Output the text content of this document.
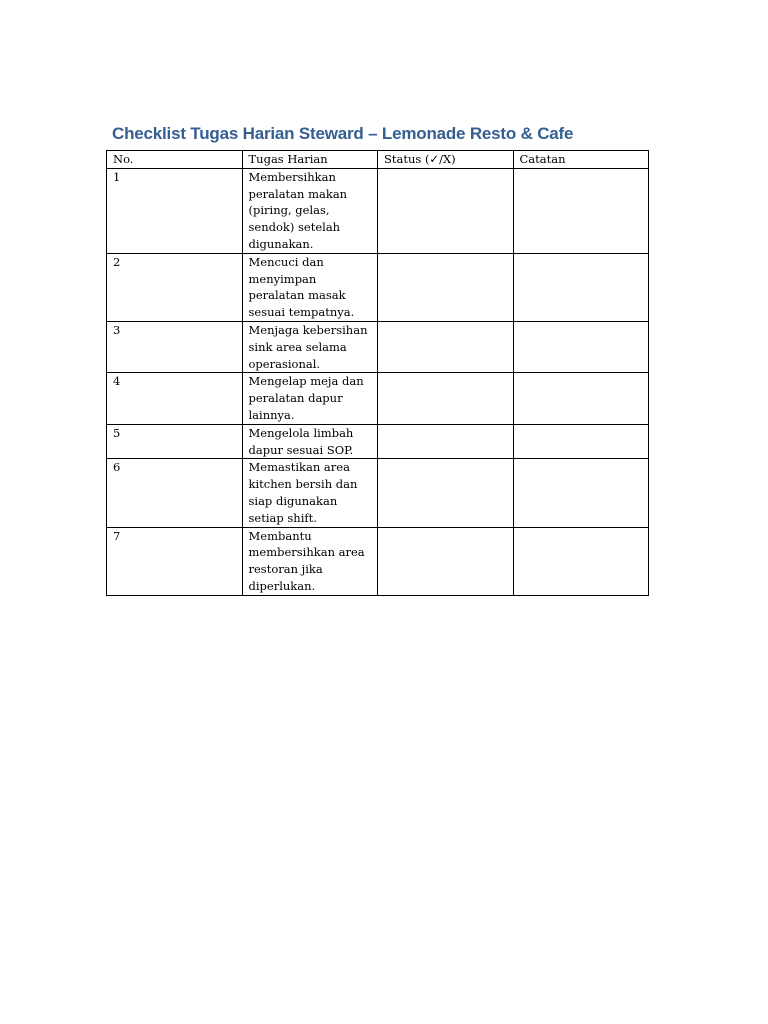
Checklist Tugas Harian Steward – Lemonade Resto & Cafe
No.	Tugas Harian	Status (✓/X)	Catatan
1	Membersihkan peralatan makan (piring, gelas, sendok) setelah digunakan.		
2	Mencuci dan menyimpan peralatan masak sesuai tempatnya.		
3	Menjaga kebersihan sink area selama operasional.		
4	Mengelap meja dan peralatan dapur lainnya.		
5	Mengelola limbah dapur sesuai SOP.		
6	Memastikan area kitchen bersih dan siap digunakan setiap shift.		
7	Membantu membersihkan area restoran jika diperlukan.		
